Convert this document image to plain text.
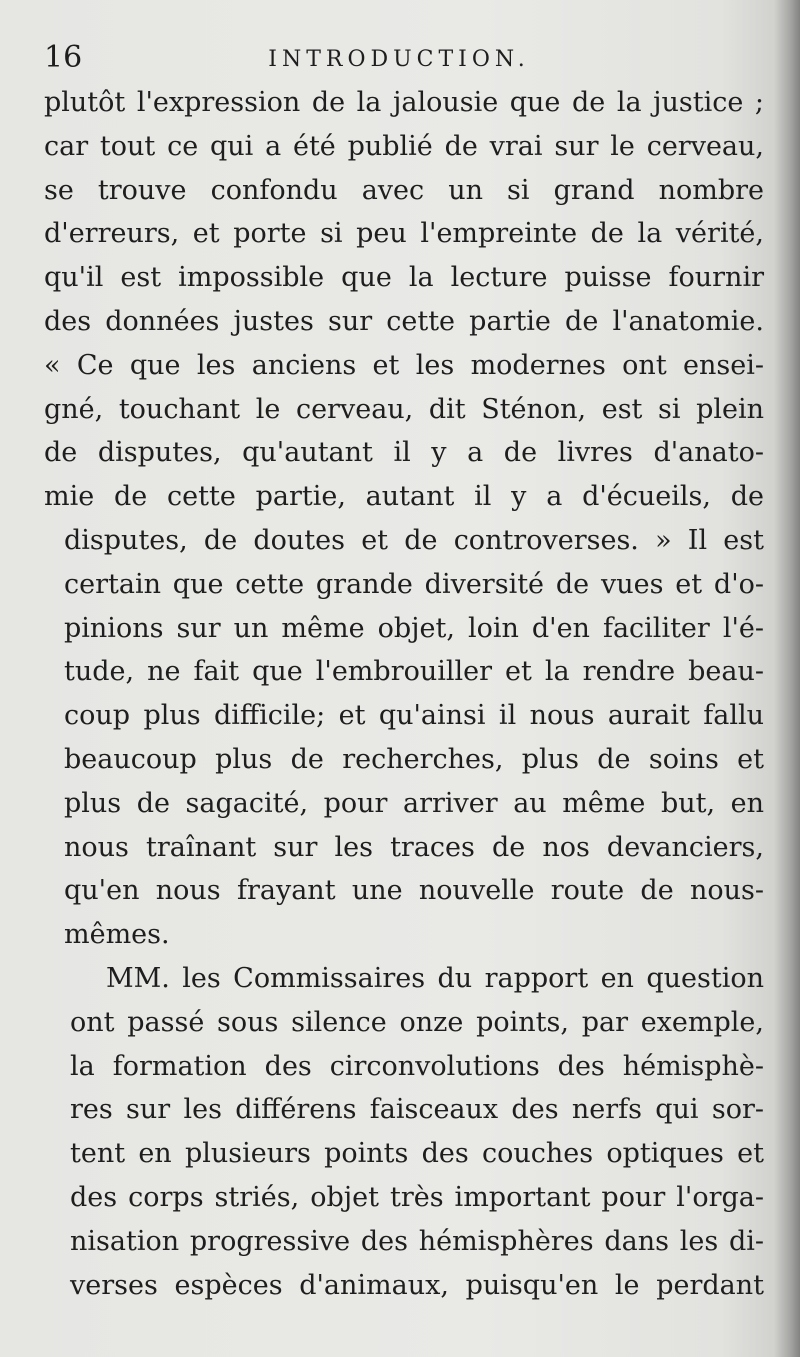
16	INTRODUCTION.
plutôt l'expression de la jalousie que de la justice ;
car tout ce qui a été publié de vrai sur le cerveau,
se trouve confondu avec un si grand nombre
d'erreurs, et porte si peu l'empreinte de la vérité,
qu'il est impossible que la lecture puisse fournir
des données justes sur cette partie de l'anatomie.
« Ce que les anciens et les modernes ont ensei-
gné, touchant le cerveau, dit Sténon, est si plein
de disputes, qu'autant il y a de livres d'anato-
mie de cette partie, autant il y a d'écueils, de
disputes, de doutes et de controverses. » Il est
certain que cette grande diversité de vues et d'o-
pinions sur un même objet, loin d'en faciliter l'é-
tude, ne fait que l'embrouiller et la rendre beau-
coup plus difficile; et qu'ainsi il nous aurait fallu
beaucoup plus de recherches, plus de soins et
plus de sagacité, pour arriver au même but, en
nous traînant sur les traces de nos devanciers,
qu'en nous frayant une nouvelle route de nous-
mêmes.
MM. les Commissaires du rapport en question
ont passé sous silence onze points, par exemple,
la formation des circonvolutions des hémisphè-
res sur les différens faisceaux des nerfs qui sor-
tent en plusieurs points des couches optiques et
des corps striés, objet très important pour l'orga-
nisation progressive des hémisphères dans les di-
verses espèces d'animaux, puisqu'en le perdant
